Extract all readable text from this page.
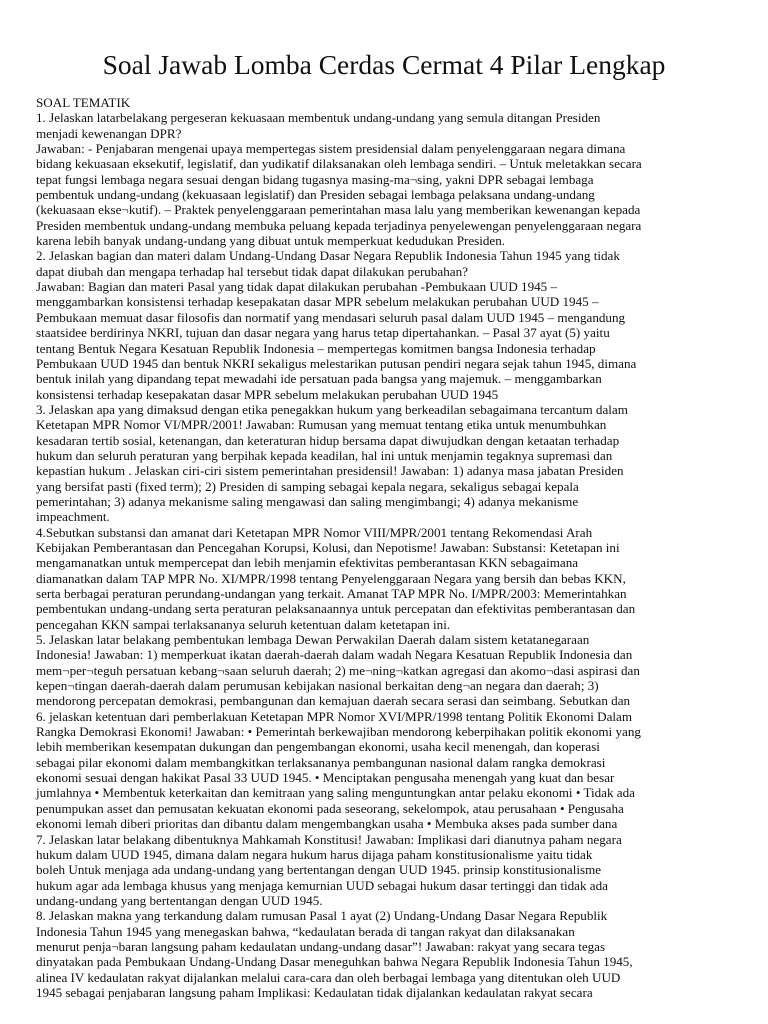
Soal Jawab Lomba Cerdas Cermat 4 Pilar Lengkap
SOAL TEMATIK
1. Jelaskan latarbelakang pergeseran kekuasaan membentuk undang-undang yang semula ditangan Presiden
menjadi kewenangan DPR?
Jawaban: - Penjabaran mengenai upaya mempertegas sistem presidensial dalam penyelenggaraan negara dimana
bidang kekuasaan eksekutif, legislatif, dan yudikatif dilaksanakan oleh lembaga sendiri. – Untuk meletakkan secara
tepat fungsi lembaga negara sesuai dengan bidang tugasnya masing-ma¬sing, yakni DPR sebagai lembaga
pembentuk undang-undang (kekuasaan legislatif) dan Presiden sebagai lembaga pelaksana undang-undang
(kekuasaan ekse¬kutif). – Praktek penyelenggaraan pemerintahan masa lalu yang memberikan kewenangan kepada
Presiden membentuk undang-undang membuka peluang kepada terjadinya penyelewengan penyelenggaraan negara
karena lebih banyak undang-undang yang dibuat untuk memperkuat kedudukan Presiden.
2. Jelaskan bagian dan materi dalam Undang-Undang Dasar Negara Republik Indonesia Tahun 1945 yang tidak
dapat diubah dan mengapa terhadap hal tersebut tidak dapat dilakukan perubahan?
Jawaban: Bagian dan materi Pasal yang tidak dapat dilakukan perubahan -Pembukaan UUD 1945 –
menggambarkan konsistensi terhadap kesepakatan dasar MPR sebelum melakukan perubahan UUD 1945 –
Pembukaan memuat dasar filosofis dan normatif yang mendasari seluruh pasal dalam UUD 1945 – mengandung
staatsidee berdirinya NKRI, tujuan dan dasar negara yang harus tetap dipertahankan. – Pasal 37 ayat (5) yaitu
tentang Bentuk Negara Kesatuan Republik Indonesia – mempertegas komitmen bangsa Indonesia terhadap
Pembukaan UUD 1945 dan bentuk NKRI sekaligus melestarikan putusan pendiri negara sejak tahun 1945, dimana
bentuk inilah yang dipandang tepat mewadahi ide persatuan pada bangsa yang majemuk. – menggambarkan
konsistensi terhadap kesepakatan dasar MPR sebelum melakukan perubahan UUD 1945
3. Jelaskan apa yang dimaksud dengan etika penegakkan hukum yang berkeadilan sebagaimana tercantum dalam
Ketetapan MPR Nomor VI/MPR/2001! Jawaban: Rumusan yang memuat tentang etika untuk menumbuhkan
kesadaran tertib sosial, ketenangan, dan keteraturan hidup bersama dapat diwujudkan dengan ketaatan terhadap
hukum dan seluruh peraturan yang berpihak kepada keadilan, hal ini untuk menjamin tegaknya supremasi dan
kepastian hukum . Jelaskan ciri-ciri sistem pemerintahan presidensil! Jawaban: 1) adanya masa jabatan Presiden
yang bersifat pasti (fixed term); 2) Presiden di samping sebagai kepala negara, sekaligus sebagai kepala
pemerintahan; 3) adanya mekanisme saling mengawasi dan saling mengimbangi; 4) adanya mekanisme
impeachment.
4.Sebutkan substansi dan amanat dari Ketetapan MPR Nomor VIII/MPR/2001 tentang Rekomendasi Arah
Kebijakan Pemberantasan dan Pencegahan Korupsi, Kolusi, dan Nepotisme! Jawaban: Substansi: Ketetapan ini
mengamanatkan untuk mempercepat dan lebih menjamin efektivitas pemberantasan KKN sebagaimana
diamanatkan dalam TAP MPR No. XI/MPR/1998 tentang Penyelenggaraan Negara yang bersih dan bebas KKN,
serta berbagai peraturan perundang-undangan yang terkait. Amanat TAP MPR No. I/MPR/2003: Memerintahkan
pembentukan undang-undang serta peraturan pelaksanaannya untuk percepatan dan efektivitas pemberantasan dan
pencegahan KKN sampai terlaksananya seluruh ketentuan dalam ketetapan ini.
5. Jelaskan latar belakang pembentukan lembaga Dewan Perwakilan Daerah dalam sistem ketatanegaraan
Indonesia! Jawaban: 1) memperkuat ikatan daerah-daerah dalam wadah Negara Kesatuan Republik Indonesia dan
mem¬per¬teguh persatuan kebang¬saan seluruh daerah; 2) me¬ning¬katkan agregasi dan akomo¬dasi aspirasi dan
kepen¬tingan daerah-daerah dalam perumusan kebijakan nasional berkaitan deng¬an negara dan daerah; 3)
mendorong percepatan demokrasi, pembangunan dan kemajuan daerah secara serasi dan seimbang. Sebutkan dan
6. jelaskan ketentuan dari pemberlakuan Ketetapan MPR Nomor XVI/MPR/1998 tentang Politik Ekonomi Dalam
Rangka Demokrasi Ekonomi! Jawaban: • Pemerintah berkewajiban mendorong keberpihakan politik ekonomi yang
lebih memberikan kesempatan dukungan dan pengembangan ekonomi, usaha kecil menengah, dan koperasi
sebagai pilar ekonomi dalam membangkitkan terlaksananya pembangunan nasional dalam rangka demokrasi
ekonomi sesuai dengan hakikat Pasal 33 UUD 1945. • Menciptakan pengusaha menengah yang kuat dan besar
jumlahnya • Membentuk keterkaitan dan kemitraan yang saling menguntungkan antar pelaku ekonomi • Tidak ada
penumpukan asset dan pemusatan kekuatan ekonomi pada seseorang, sekelompok, atau perusahaan • Pengusaha
ekonomi lemah diberi prioritas dan dibantu dalam mengembangkan usaha • Membuka akses pada sumber dana
7. Jelaskan latar belakang dibentuknya Mahkamah Konstitusi! Jawaban: Implikasi dari dianutnya paham negara
hukum dalam UUD 1945, dimana dalam negara hukum harus dijaga paham konstitusionalisme yaitu tidak
boleh Untuk menjaga ada undang-undang yang bertentangan dengan UUD 1945. prinsip konstitusionalisme
hukum agar ada lembaga khusus yang menjaga kemurnian UUD sebagai hukum dasar tertinggi dan tidak ada
undang-undang yang bertentangan dengan UUD 1945.
8. Jelaskan makna yang terkandung dalam rumusan Pasal 1 ayat (2) Undang-Undang Dasar Negara Republik
Indonesia Tahun 1945 yang menegaskan bahwa, “kedaulatan berada di tangan rakyat dan dilaksanakan
menurut penja¬baran langsung paham kedaulatan undang-undang dasar”! Jawaban: rakyat yang secara tegas
dinyatakan pada Pembukaan Undang-Undang Dasar meneguhkan bahwa Negara Republik Indonesia Tahun 1945,
alinea IV kedaulatan rakyat dijalankan melalui cara-cara dan oleh berbagai lembaga yang ditentukan oleh UUD
1945 sebagai penjabaran langsung paham Implikasi: Kedaulatan tidak dijalankan kedaulatan rakyat secara
